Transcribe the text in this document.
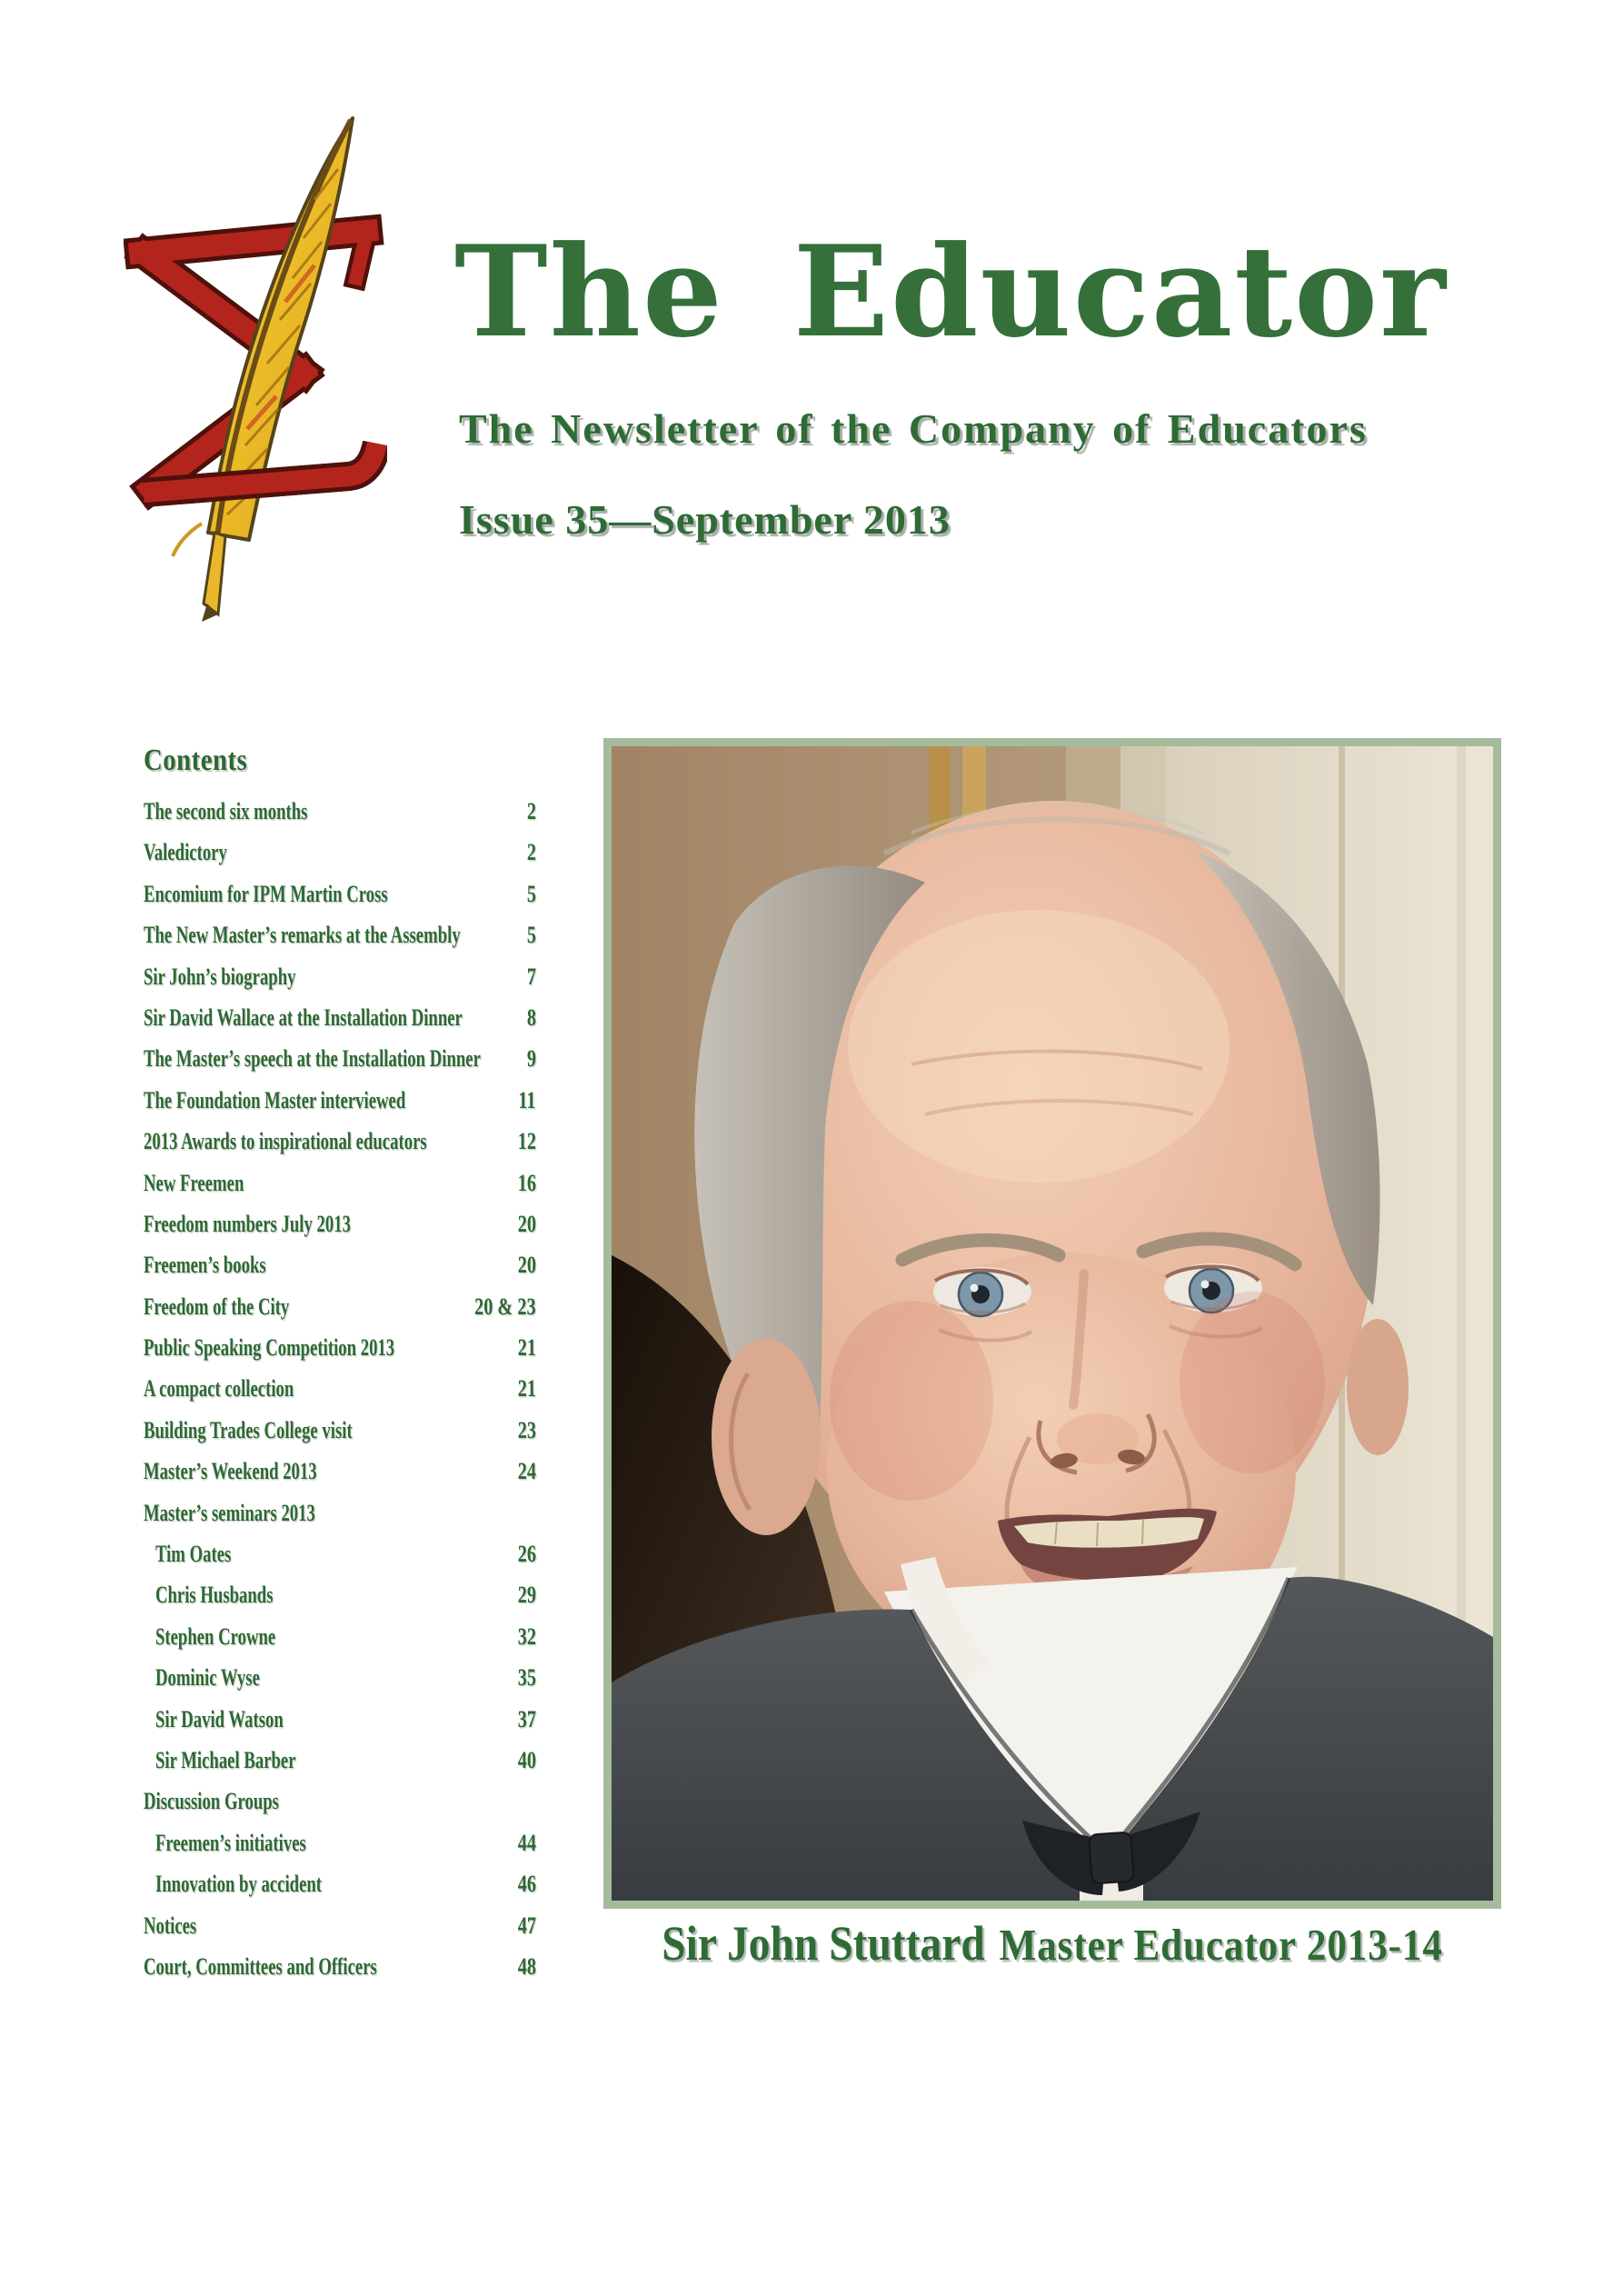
The Educator
The Newsletter of the Company of Educators
Issue 35—September 2013
Contents
The second six months	2
Valedictory	2
Encomium for IPM Martin Cross	5
The New Master’s remarks at the Assembly	5
Sir John’s biography	7
Sir David Wallace at the Installation Dinner	8
The Master’s speech at the Installation Dinner 9
The Foundation Master interviewed	11
2013 Awards to inspirational educators	12
New Freemen	16
Freedom numbers July 2013	20
Freemen’s books	20
Freedom of the City	20 & 23
Public Speaking Competition 2013	21
A compact collection	21
Building Trades College visit	23
Master’s Weekend 2013	24
Master’s seminars 2013
Tim Oates	26
Chris Husbands	29
Stephen Crowne	32
Dominic Wyse	35
Sir David Watson	37
Sir Michael Barber	40
Discussion Groups
Freemen’s initiatives	44
Innovation by accident	46
Notices	47
Court, Committees and Officers	48	Sir John Stuttard Master Educator 2013-14
